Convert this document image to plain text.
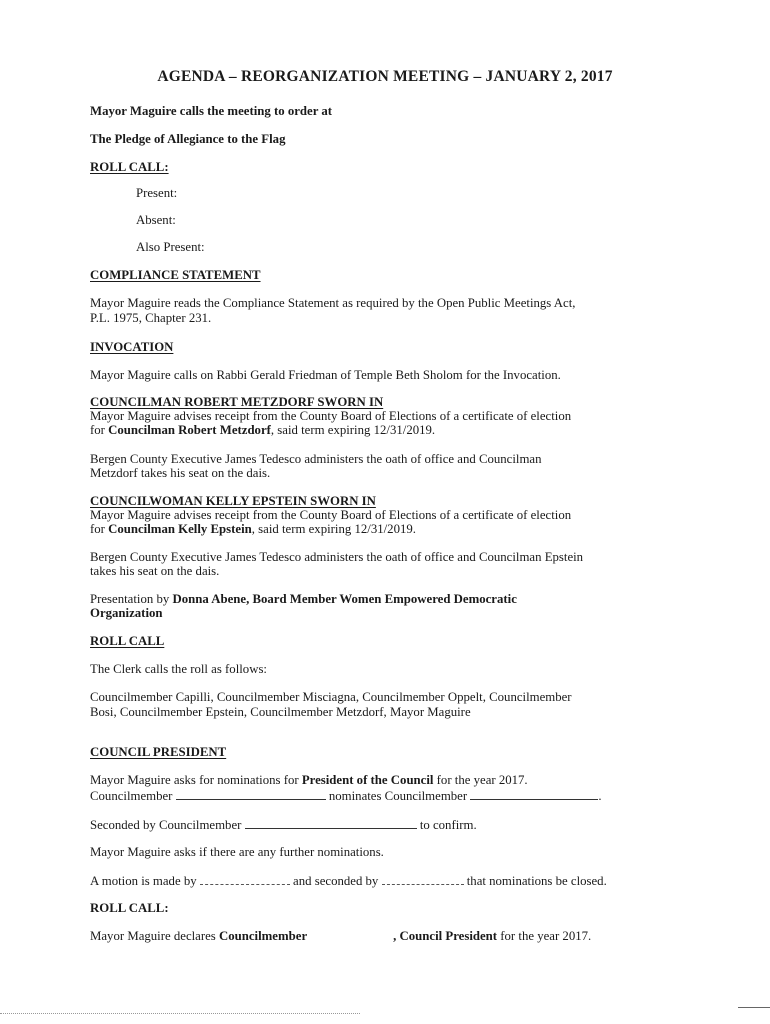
AGENDA – REORGANIZATION MEETING – JANUARY 2, 2017
Mayor Maguire calls the meeting to order at
The Pledge of Allegiance to the Flag
ROLL CALL:
Present:
Absent:
Also Present:
COMPLIANCE STATEMENT
Mayor Maguire reads the Compliance Statement as required by the Open Public Meetings Act,
P.L. 1975, Chapter 231.
INVOCATION
Mayor Maguire calls on Rabbi Gerald Friedman of Temple Beth Sholom for the Invocation.
COUNCILMAN ROBERT METZDORF SWORN IN
Mayor Maguire advises receipt from the County Board of Elections of a certificate of election
for Councilman Robert Metzdorf, said term expiring 12/31/2019.
Bergen County Executive James Tedesco administers the oath of office and Councilman
Metzdorf takes his seat on the dais.
COUNCILWOMAN KELLY EPSTEIN SWORN IN
Mayor Maguire advises receipt from the County Board of Elections of a certificate of election
for Councilman Kelly Epstein, said term expiring 12/31/2019.
Bergen County Executive James Tedesco administers the oath of office and Councilman Epstein
takes his seat on the dais.
Presentation by Donna Abene, Board Member Women Empowered Democratic
Organization
ROLL CALL
The Clerk calls the roll as follows:
Councilmember Capilli, Councilmember Misciagna, Councilmember Oppelt, Councilmember
Bosi, Councilmember Epstein, Councilmember Metzdorf, Mayor Maguire
COUNCIL PRESIDENT
Mayor Maguire asks for nominations for President of the Council for the year 2017.
Councilmember	nominates Councilmember	.
Seconded by Councilmember	to confirm.
Mayor Maguire asks if there are any further nominations.
A motion is made by	and seconded by	that nominations be closed.
ROLL CALL:
Mayor Maguire declares Councilmember	, Council President for the year 2017.
